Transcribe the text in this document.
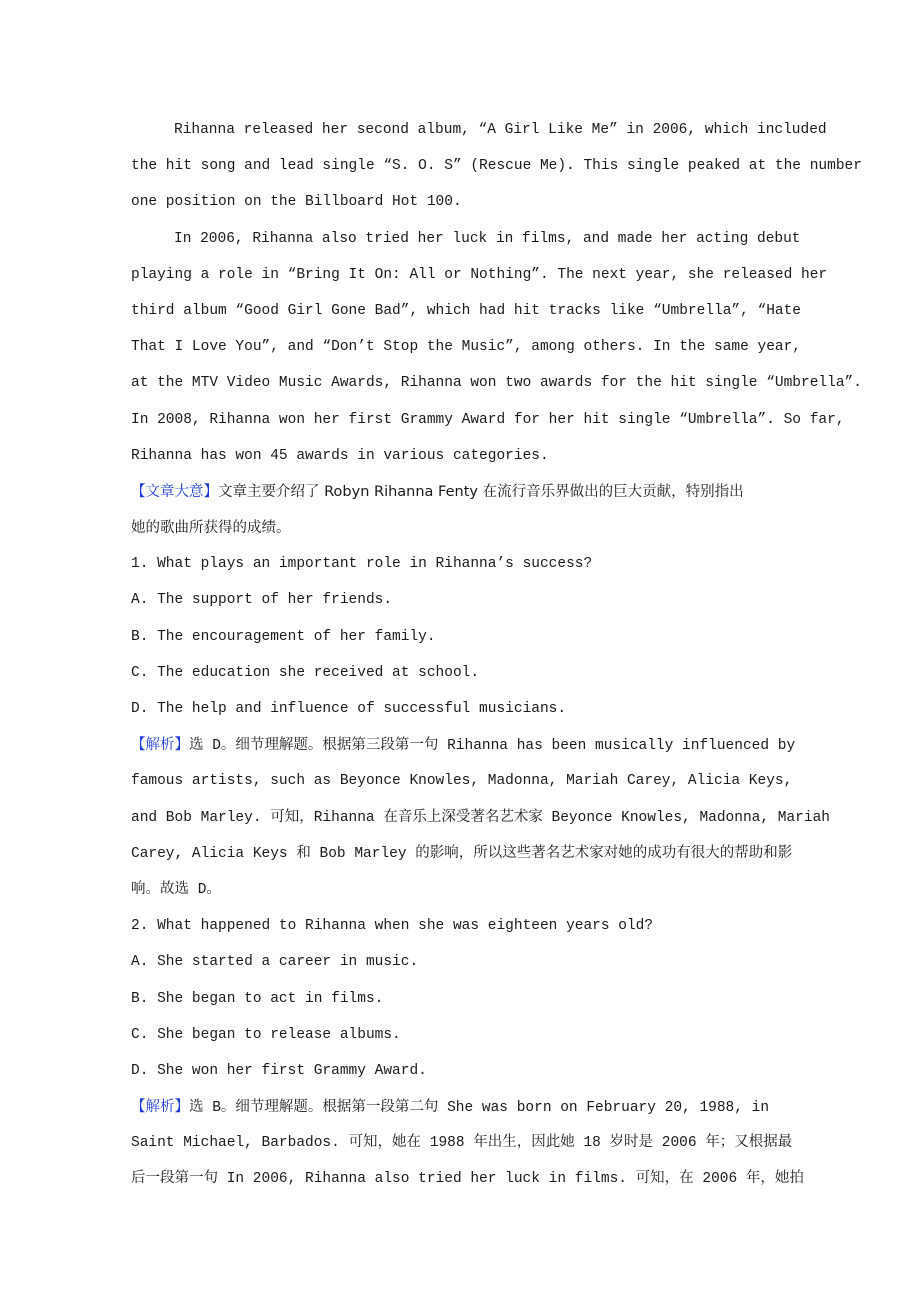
Rihanna released her second album, “A Girl Like Me” in 2006, which included
the hit song and lead single “S. O. S” (Rescue Me). This single peaked at the number
one position on the Billboard Hot 100.
In 2006, Rihanna also tried her luck in films, and made her acting debut
playing a role in “Bring It On: All or Nothing”. The next year, she released her
third album “Good Girl Gone Bad”, which had hit tracks like “Umbrella”, “Hate
That I Love You”, and “Don’t Stop the Music”, among others. In the same year,
at the MTV Video Music Awards, Rihanna won two awards for the hit single “Umbrella”.
In 2008, Rihanna won her first Grammy Award for her hit single “Umbrella”. So far,
Rihanna has won 45 awards in various categories.
【文章大意】文章主要介绍了 Robyn Rihanna Fenty 在流行音乐界做出的巨大贡献，特别指出
她的歌曲所获得的成绩。
1. What plays an important role in Rihanna’s success?
A. The support of her friends.
B. The encouragement of her family.
C. The education she received at school.
D. The help and influence of successful musicians.
【解析】选 D。细节理解题。根据第三段第一句 Rihanna has been musically influenced by
famous artists, such as Beyonce Knowles, Madonna, Mariah Carey, Alicia Keys,
and Bob Marley. 可知，Rihanna 在音乐上深受著名艺术家 Beyonce Knowles, Madonna, Mariah
Carey, Alicia Keys 和 Bob Marley 的影响，所以这些著名艺术家对她的成功有很大的帮助和影
响。故选 D。
2. What happened to Rihanna when she was eighteen years old?
A. She started a career in music.
B. She began to act in films.
C. She began to release albums.
D. She won her first Grammy Award.
【解析】选 B。细节理解题。根据第一段第二句 She was born on February 20, 1988, in
Saint Michael, Barbados. 可知，她在 1988 年出生，因此她 18 岁时是 2006 年；又根据最
后一段第一句 In 2006, Rihanna also tried her luck in films. 可知，在 2006 年，她拍
